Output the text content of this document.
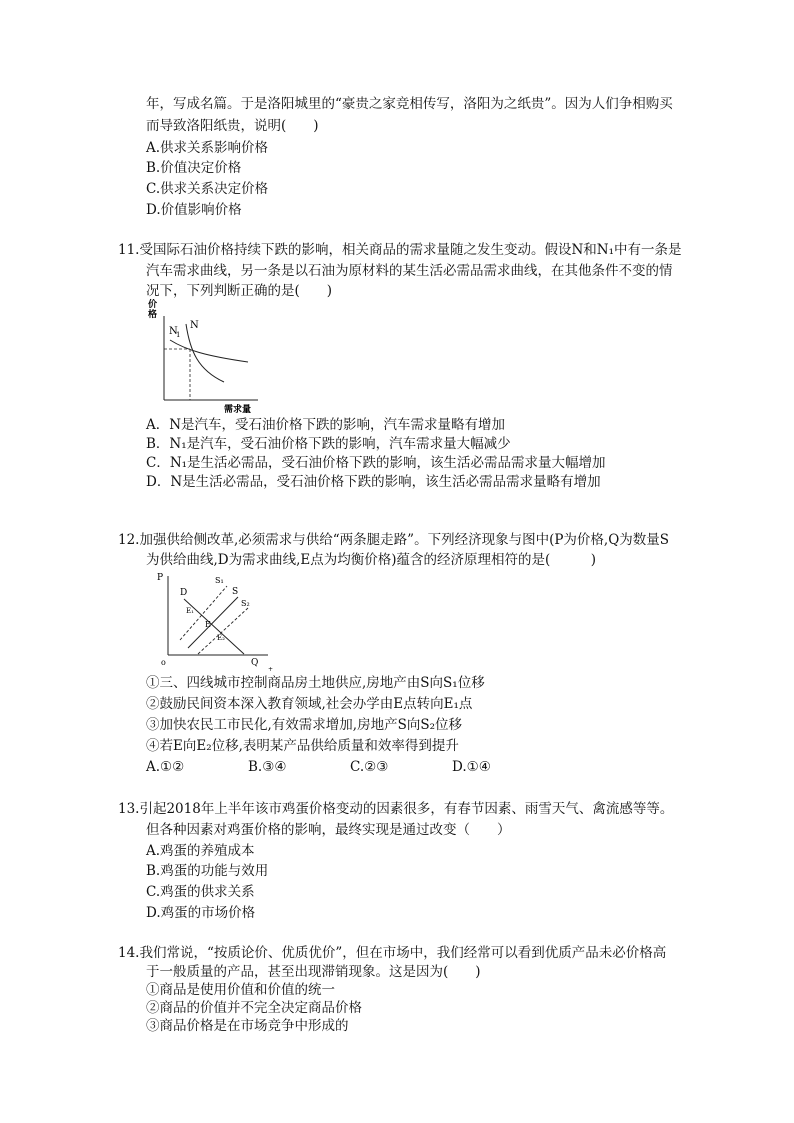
年，写成名篇。于是洛阳城里的“豪贵之家竞相传写，洛阳为之纸贵”。因为人们争相购买
而导致洛阳纸贵，说明(　　)
A.供求关系影响价格
B.价值决定价格
C.供求关系决定价格
D.价值影响价格
11.受国际石油价格持续下跌的影响，相关商品的需求量随之发生变动。假设N和N₁中有一条是
汽车需求曲线，另一条是以石油为原材料的某生活必需品需求曲线，在其他条件不变的情
况下，下列判断正确的是(　　)
价
格
N
1
N
需求量
A．N是汽车，受石油价格下跌的影响，汽车需求量略有增加
B．N₁是汽车，受石油价格下跌的影响，汽车需求量大幅减少
C．N₁是生活必需品，受石油价格下跌的影响，该生活必需品需求量大幅增加
D．N是生活必需品，受石油价格下跌的影响，该生活必需品需求量略有增加
12.加强供给侧改革,必须需求与供给“两条腿走路”。下列经济现象与图中(P为价格,Q为数量S
为供给曲线,D为需求曲线,E点为均衡价格)蕴含的经济原理相符的是(　　　)
P
o	Q
D
S₁
S
S₂
E₁
E
E₂
+
①三、四线城市控制商品房土地供应,房地产由S向S₁位移
②鼓励民间资本深入教育领域,社会办学由E点转向E₁点
③加快农民工市民化,有效需求增加,房地产S向S₂位移
④若E向E₂位移,表明某产品供给质量和效率得到提升
A.①②	B.③④	C.②③	D.①④
13.引起2018年上半年该市鸡蛋价格变动的因素很多，有春节因素、雨雪天气、禽流感等等。
但各种因素对鸡蛋价格的影响，最终实现是通过改变（　　）
A.鸡蛋的养殖成本
B.鸡蛋的功能与效用
C.鸡蛋的供求关系
D.鸡蛋的市场价格
14.我们常说，“按质论价、优质优价”，但在市场中，我们经常可以看到优质产品未必价格高
于一般质量的产品，甚至出现滞销现象。这是因为(　　)
①商品是使用价值和价值的统一
②商品的价值并不完全决定商品价格
③商品价格是在市场竞争中形成的
